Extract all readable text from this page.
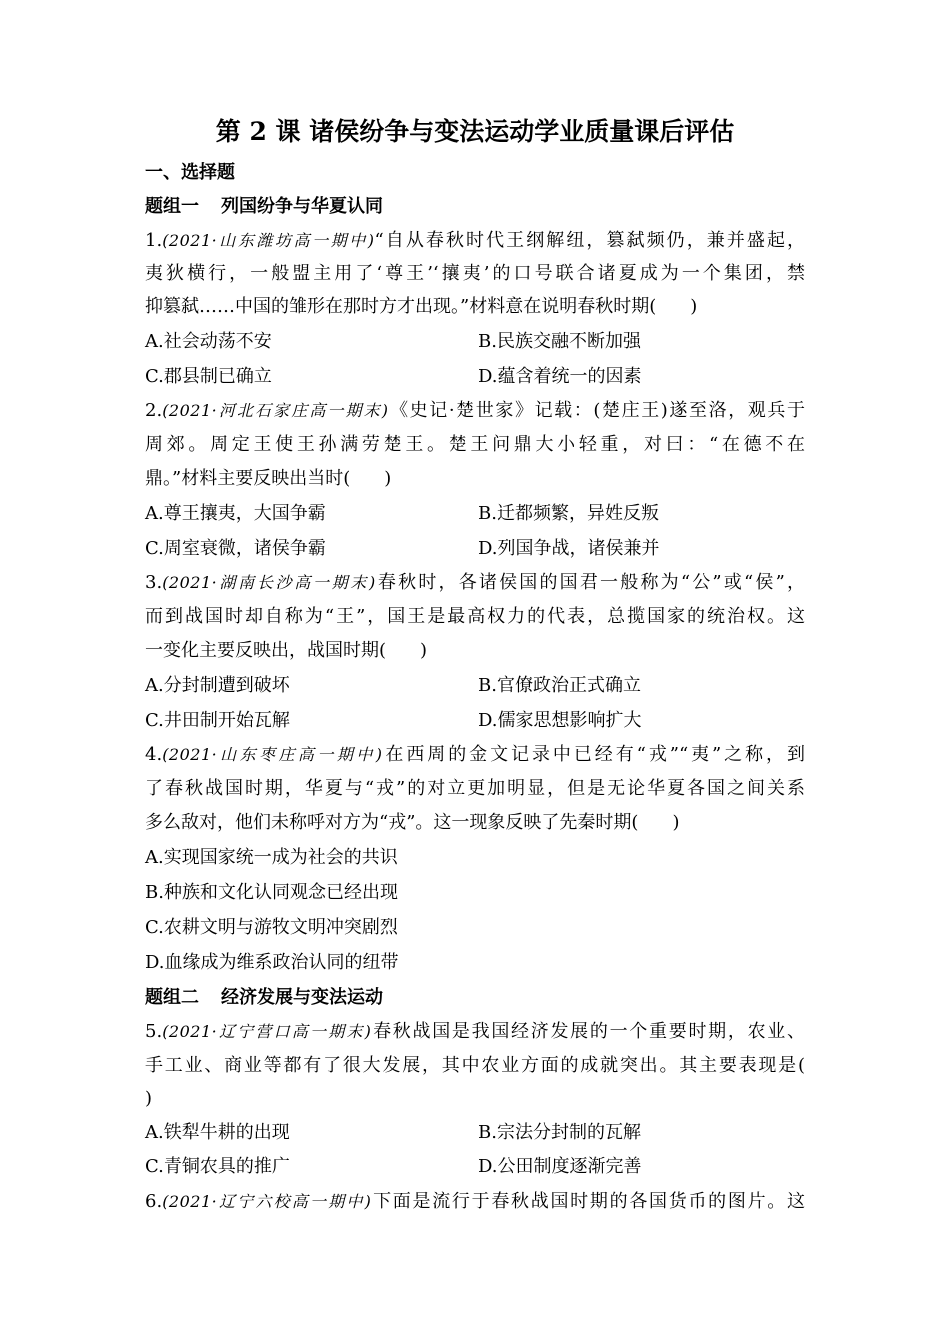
第 2 课 诸侯纷争与变法运动学业质量课后评估
一、选择题
题组一 列国纷争与华夏认同
1.(2021·山东潍坊高一期中)“自从春秋时代王纲解纽，篡弑频仍，兼并盛起，
夷狄横行，一般盟主用了‘尊王’‘攘夷’的口号联合诸夏成为一个集团，禁
抑篡弑……中国的雏形在那时方才出现。”材料意在说明春秋时期( )
A.社会动荡不安	B.民族交融不断加强
C.郡县制已确立	D.蕴含着统一的因素
2.(2021·河北石家庄高一期末)《史记·楚世家》记载：(楚庄王)遂至洛，观兵于
周郊。周定王使王孙满劳楚王。楚王问鼎大小轻重，对曰：“在德不在
鼎。”材料主要反映出当时( )
A.尊王攘夷，大国争霸	B.迁都频繁，异姓反叛
C.周室衰微，诸侯争霸	D.列国争战，诸侯兼并
3.(2021·湖南长沙高一期末)春秋时，各诸侯国的国君一般称为“公”或“侯”，
而到战国时却自称为“王”，国王是最高权力的代表，总揽国家的统治权。这
一变化主要反映出，战国时期( )
A.分封制遭到破坏	B.官僚政治正式确立
C.井田制开始瓦解	D.儒家思想影响扩大
4.(2021·山东枣庄高一期中)在西周的金文记录中已经有“戎”“夷”之称，到
了春秋战国时期，华夏与“戎”的对立更加明显，但是无论华夏各国之间关系
多么敌对，他们未称呼对方为“戎”。这一现象反映了先秦时期( )
A.实现国家统一成为社会的共识
B.种族和文化认同观念已经出现
C.农耕文明与游牧文明冲突剧烈
D.血缘成为维系政治认同的纽带
题组二 经济发展与变法运动
5.(2021·辽宁营口高一期末)春秋战国是我国经济发展的一个重要时期，农业、
手工业、商业等都有了很大发展，其中农业方面的成就突出。其主要表现是(
)
A.铁犁牛耕的出现	B.宗法分封制的瓦解
C.青铜农具的推广	D.公田制度逐渐完善
6.(2021·辽宁六校高一期中)下面是流行于春秋战国时期的各国货币的图片。这
